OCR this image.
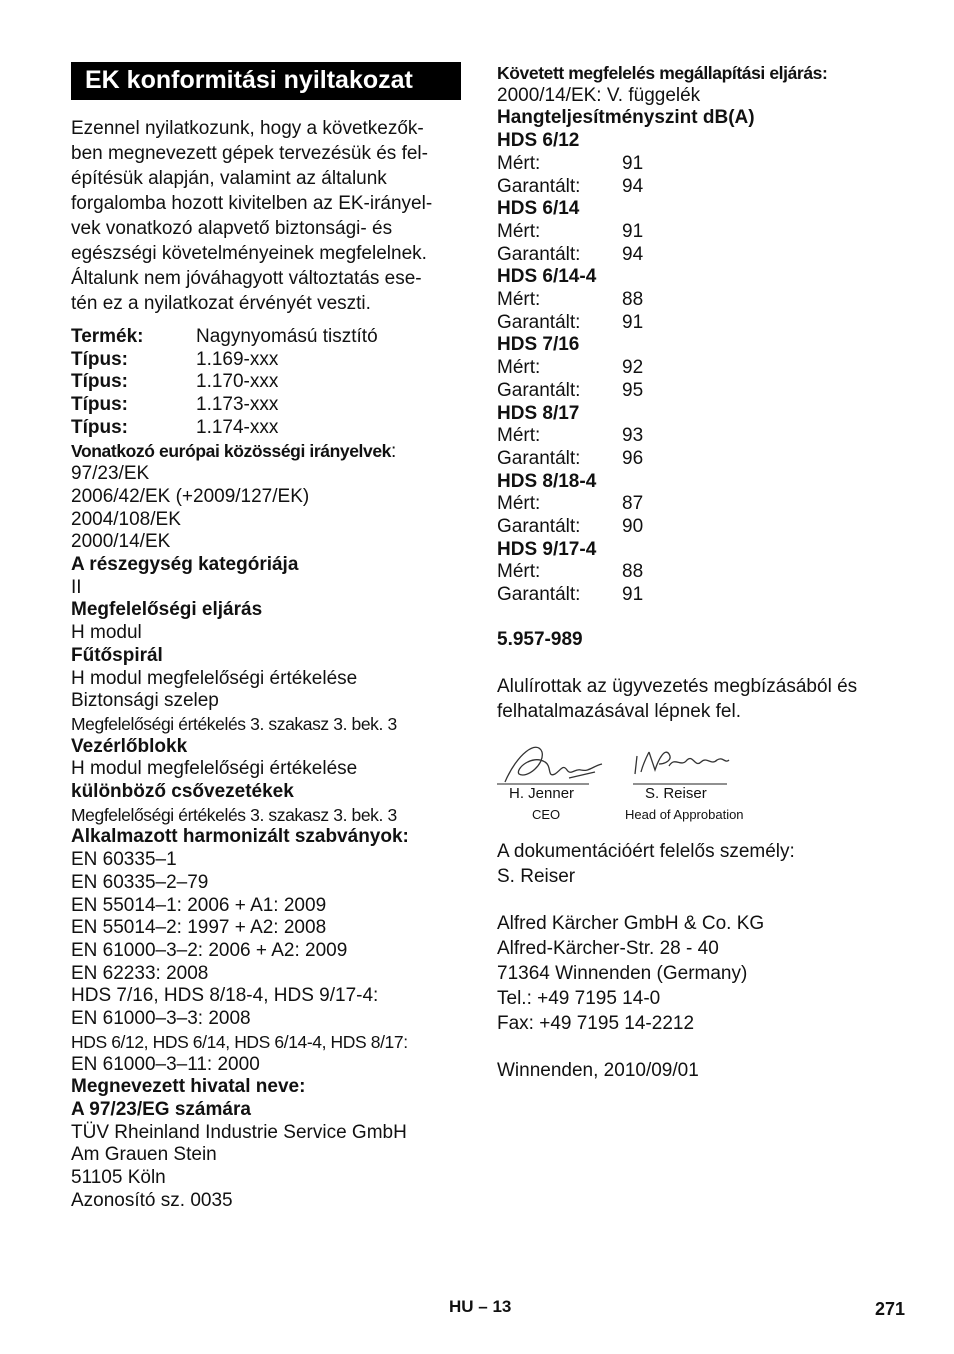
EK konformitási nyiltakozat
Ezennel nyilatkozunk, hogy a következők-
ben megnevezett gépek tervezésük és fel-
építésük alapján, valamint az általunk
forgalomba hozott kivitelben az EK-irányel-
vek vonatkozó alapvető biztonsági- és
egészségi követelményeinek megfelelnek.
Általunk nem jóváhagyott változtatás ese-
tén ez a nyilatkozat érvényét veszti.
Termék:	Nagynyomású tisztító
Típus:	1.169-xxx
Típus:	1.170-xxx
Típus:	1.173-xxx
Típus:	1.174-xxx
Vonatkozó európai közösségi irányelvek:
97/23/EK
2006/42/EK (+2009/127/EK)
2004/108/EK
2000/14/EK
A részegység kategóriája
II
Megfelelőségi eljárás
H modul
Fűtőspirál
H modul megfelelőségi értékelése
Biztonsági szelep
Megfelelőségi értékelés 3. szakasz 3. bek. 3
Vezérlőblokk
H modul megfelelőségi értékelése
különböző csővezetékek
Megfelelőségi értékelés 3. szakasz 3. bek. 3
Alkalmazott harmonizált szabványok:
EN 60335–1
EN 60335–2–79
EN 55014–1: 2006 + A1: 2009
EN 55014–2: 1997 + A2: 2008
EN 61000–3–2: 2006 + A2: 2009
EN 62233: 2008
HDS 7/16, HDS 8/18-4, HDS 9/17-4:
EN 61000–3–3: 2008
HDS 6/12, HDS 6/14, HDS 6/14-4, HDS 8/17:
EN 61000–3–11: 2000
Megnevezett hivatal neve:
A 97/23/EG számára
TÜV Rheinland Industrie Service GmbH
Am Grauen Stein
51105 Köln
Azonosító sz. 0035
Követett megfelelés megállapítási eljárás:
2000/14/EK: V. függelék
Hangteljesítményszint dB(A)
HDS 6/12
Mért:	91
Garantált:	94
HDS 6/14
Mért:	91
Garantált:	94
HDS 6/14-4
Mért:	88
Garantált:	91
HDS 7/16
Mért:	92
Garantált:	95
HDS 8/17
Mért:	93
Garantált:	96
HDS 8/18-4
Mért:	87
Garantált:	90
HDS 9/17-4
Mért:	88
Garantált:	91
5.957-989
Alulírottak az ügyvezetés megbízásából és
felhatalmazásával lépnek fel.
H. Jenner
CEO
S. Reiser
Head of Approbation
A dokumentációért felelős személy:
S. Reiser
Alfred Kärcher GmbH & Co. KG
Alfred-Kärcher-Str. 28 - 40
71364 Winnenden (Germany)
Tel.: +49 7195 14-0
Fax: +49 7195 14-2212
Winnenden, 2010/09/01
HU – 13	271
